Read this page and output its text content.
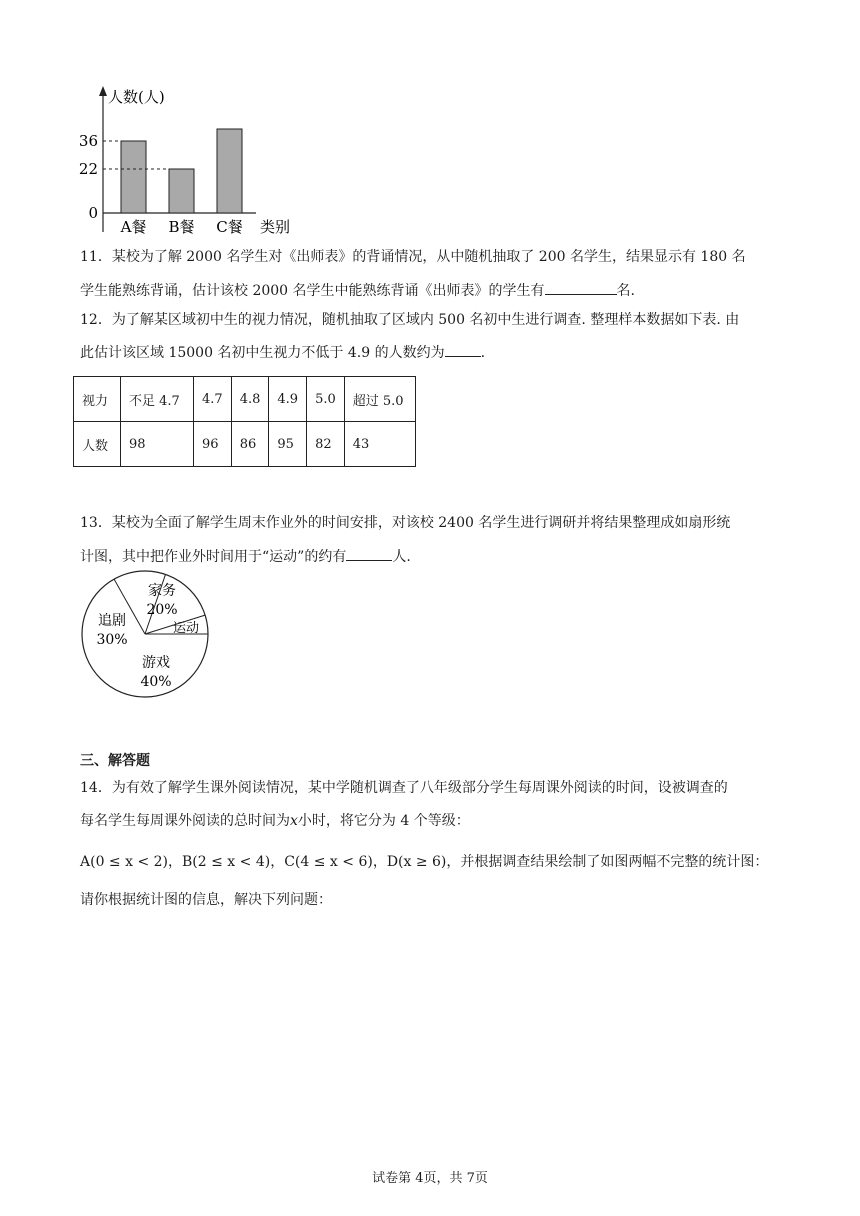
人数(人)
类别
A餐 B餐 C餐
36
22
0
11．某校为了解 2000 名学生对《出师表》的背诵情况，从中随机抽取了 200 名学生，结果显示有 180 名
学生能熟练背诵，估计该校 2000 名学生中能熟练背诵《出师表》的学生有	名.
12．为了解某区域初中生的视力情况，随机抽取了区域内 500 名初中生进行调查. 整理样本数据如下表. 由
此估计该区域 15000 名初中生视力不低于 4.9 的人数约为	.
视力	不足 4.7	4.7	4.8	4.9	5.0	超过 5.0
人数	98	96	86	95	82	43
13．某校为全面了解学生周末作业外的时间安排，对该校 2400 名学生进行调研并将结果整理成如扇形统
计图，其中把作业外时间用于“运动”的约有	人.
家务
20%
运动
游戏
40%
追剧
30%
三、解答题
14．为有效了解学生课外阅读情况，某中学随机调查了八年级部分学生每周课外阅读的时间，设被调查的
每名学生每周课外阅读的总时间为x小时，将它分为 4 个等级：
A(0 ≤ x < 2)，B(2 ≤ x < 4)，C(4 ≤ x < 6)，D(x ≥ 6)，并根据调查结果绘制了如图两幅不完整的统计图：
请你根据统计图的信息，解决下列问题：
试卷第 4页，共 7页
